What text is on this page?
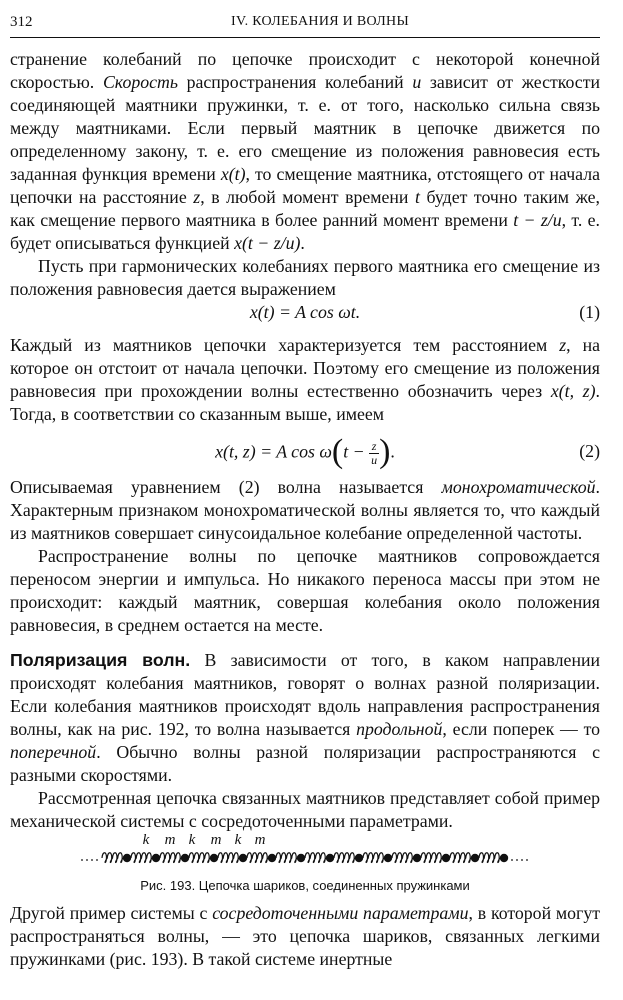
312	IV. КОЛЕБАНИЯ И ВОЛНЫ

странение колебаний по цепочке происходит с некоторой конечной скоростью. Скорость распространения колебаний u зависит от жесткости соединяющей маятники пружинки, т. е. от того, насколько сильна связь между маятниками. Если первый маятник в цепочке движется по определенному закону, т. е. его смещение из положения равновесия есть заданная функция времени x(t), то смещение маятника, отстоящего от начала цепочки на расстояние z, в любой момент времени t будет точно таким же, как смещение первого маятника в более ранний момент времени t − z/u, т. е. будет описываться функцией x(t − z/u).

Пусть при гармонических колебаниях первого маятника его смещение из положения равновесия дается выражением

x(t) = A cos ωt.	(1)

Каждый из маятников цепочки характеризуется тем расстоянием z, на которое он отстоит от начала цепочки. Поэтому его смещение из положения равновесия при прохождении волны естественно обозначить через x(t, z). Тогда, в соответствии со сказанным выше, имеем

x(t, z) = A $\cos \omega(t - \frac{z}{u}$ ).	(2)

Описываемая уравнением (2) волна называется монохроматической. Характерным признаком монохроматической волны является то, что каждый из маятников совершает синусоидальное колебание определенной частоты.

Распространение волны по цепочке маятников сопровождается переносом энергии и импульса. Но никакого переноса массы при этом не происходит: каждый маятник, совершая колебания около положения равновесия, в среднем остается на месте.

Поляризация волн. В зависимости от того, в каком направлении происходят колебания маятников, говорят о волнах разной поляризации. Если колебания маятников происходят вдоль направления распространения волны, как на рис. 192, то волна называется продольной, если поперек — то поперечной. Обычно волны разной поляризации распространяются с разными скоростями.

Рассмотренная цепочка связанных маятников представляет собой пример механической системы с сосредоточенными параметрами.

k m k m k m
Рис. 193. Цепочка шариков, соединенных пружинками

Другой пример системы с сосредоточенными параметрами, в которой могут распространяться волны, — это цепочка шариков, связанных легкими пружинками (рис. 193). В такой системе инертные
